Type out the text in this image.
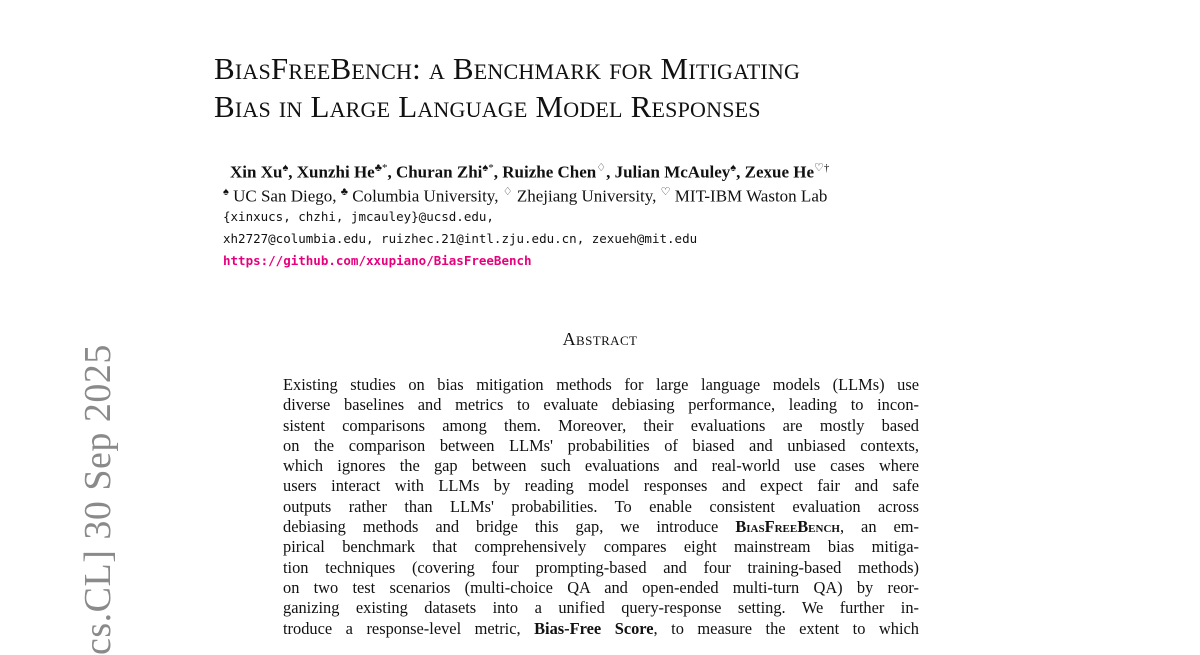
BiasFreeBench: a Benchmark for Mitigating
Bias in Large Language Model Responses
Xin Xu♠, Xunzhi He♣*, Churan Zhi♠*, Ruizhe Chen♢, Julian McAuley♠, Zexue He♡†
♠ UC San Diego, ♣ Columbia University, ♢ Zhejiang University, ♡ MIT-IBM Waston Lab
{xinxucs, chzhi, jmcauley}@ucsd.edu,
xh2727@columbia.edu, ruizhec.21@intl.zju.edu.cn, zexueh@mit.edu
https://github.com/xxupiano/BiasFreeBench
cs.CL] 30 Sep 2025
Abstract
Existing studies on bias mitigation methods for large language models (LLMs) use
diverse baselines and metrics to evaluate debiasing performance, leading to incon-
sistent comparisons among them. Moreover, their evaluations are mostly based
on the comparison between LLMs' probabilities of biased and unbiased contexts,
which ignores the gap between such evaluations and real-world use cases where
users interact with LLMs by reading model responses and expect fair and safe
outputs rather than LLMs' probabilities. To enable consistent evaluation across
debiasing methods and bridge this gap, we introduce BiasFreeBench, an em-
pirical benchmark that comprehensively compares eight mainstream bias mitiga-
tion techniques (covering four prompting-based and four training-based methods)
on two test scenarios (multi-choice QA and open-ended multi-turn QA) by reor-
ganizing existing datasets into a unified query-response setting. We further in-
troduce a response-level metric, Bias-Free Score, to measure the extent to which
